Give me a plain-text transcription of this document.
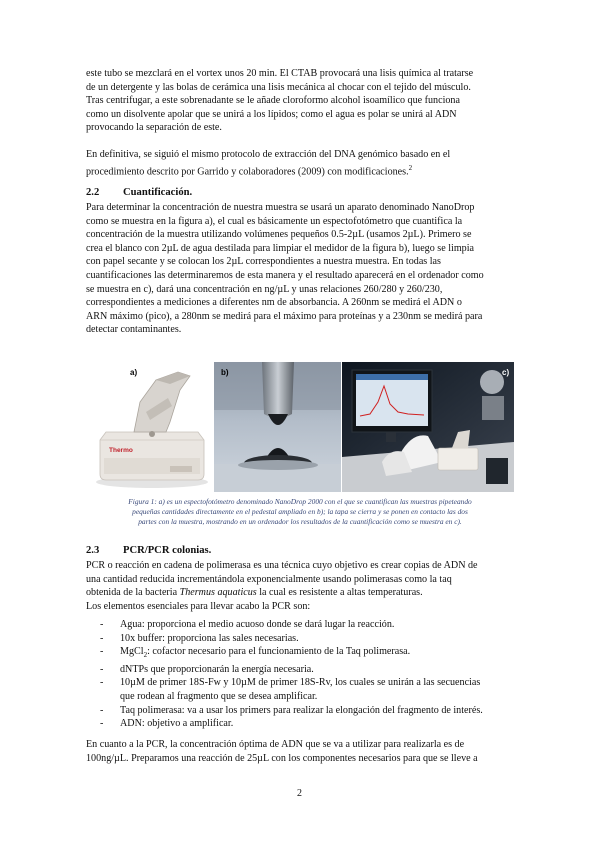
este tubo se mezclará en el vortex unos 20 min. El CTAB provocará una lisis química al tratarse

de un detergente y las bolas de cerámica una lisis mecánica al chocar con el tejido del músculo.

Tras centrifugar, a este sobrenadante se le añade cloroformo alcohol isoamílico que funciona

como un disolvente apolar que se unirá a los lípidos; como el agua es polar se unirá al ADN

provocando la separación de este.

En definitiva, se siguió el mismo protocolo de extracción del DNA genómico basado en el

procedimiento descrito por Garrido y colaboradores (2009) con modificaciones.$^2$

2.2 Cuantificación.

Para determinar la concentración de nuestra muestra se usará un aparato denominado NanoDrop

como se muestra en la figura a), el cual es básicamente un espectofotómetro que cuantifica la

concentración de la muestra utilizando volúmenes pequeños 0.5-2µL (usamos 2µL). Primero se

crea el blanco con 2µL de agua destilada para limpiar el medidor de la figura b), luego se limpia

con papel secante y se colocan los 2µL correspondientes a nuestra muestra. En todas las

cuantificaciones las determinaremos de esta manera y el resultado aparecerá en el ordenador como

se muestra en c), dará una concentración en ng/µL y unas relaciones 260/280 y 260/230,

correspondientes a mediciones a diferentes nm de absorbancia. A 260nm se medirá el ADN o

ARN máximo (pico), a 280nm se medirá para el máximo para proteínas y a 230nm se medirá para

detectar contaminantes.

a)
Thermo
b)	c)

Figura 1: a) es un espectofotómetro denominado NanoDrop 2000 con el que se cuantifican las muestras pipeteando

pequeñas cantidades directamente en el pedestal ampliado en b); la tapa se cierra y se ponen en contacto las dos

partes con la muestra, mostrando en un ordenador los resultados de la cuantificación como se muestra en c).

2.3 PCR/PCR colonias.

PCR o reacción en cadena de polimerasa es una técnica cuyo objetivo es crear copias de ADN de

una cantidad reducida incrementándola exponencialmente usando polimerasas como la taq

obtenida de la bacteria Thermus aquaticus la cual es resistente a altas temperaturas.

Los elementos esenciales para llevar acabo la PCR son:

- Agua: proporciona el medio acuoso donde se dará lugar la reacción.
- 10x buffer: proporciona las sales necesarias.
- MgCl$_2$: cofactor necesario para el funcionamiento de la Taq polimerasa.
- dNTPs que proporcionarán la energía necesaria.
- 10µM de primer 18S-Fw y 10µM de primer 18S-Rv, los cuales se unirán a las secuencias
que rodean al fragmento que se desea amplificar.
- Taq polimerasa: va a usar los primers para realizar la elongación del fragmento de interés.
- ADN: objetivo a amplificar.

En cuanto a la PCR, la concentración óptima de ADN que se va a utilizar para realizarla es de

100ng/µL. Preparamos una reacción de 25µL con los componentes necesarios para que se lleve a

2
